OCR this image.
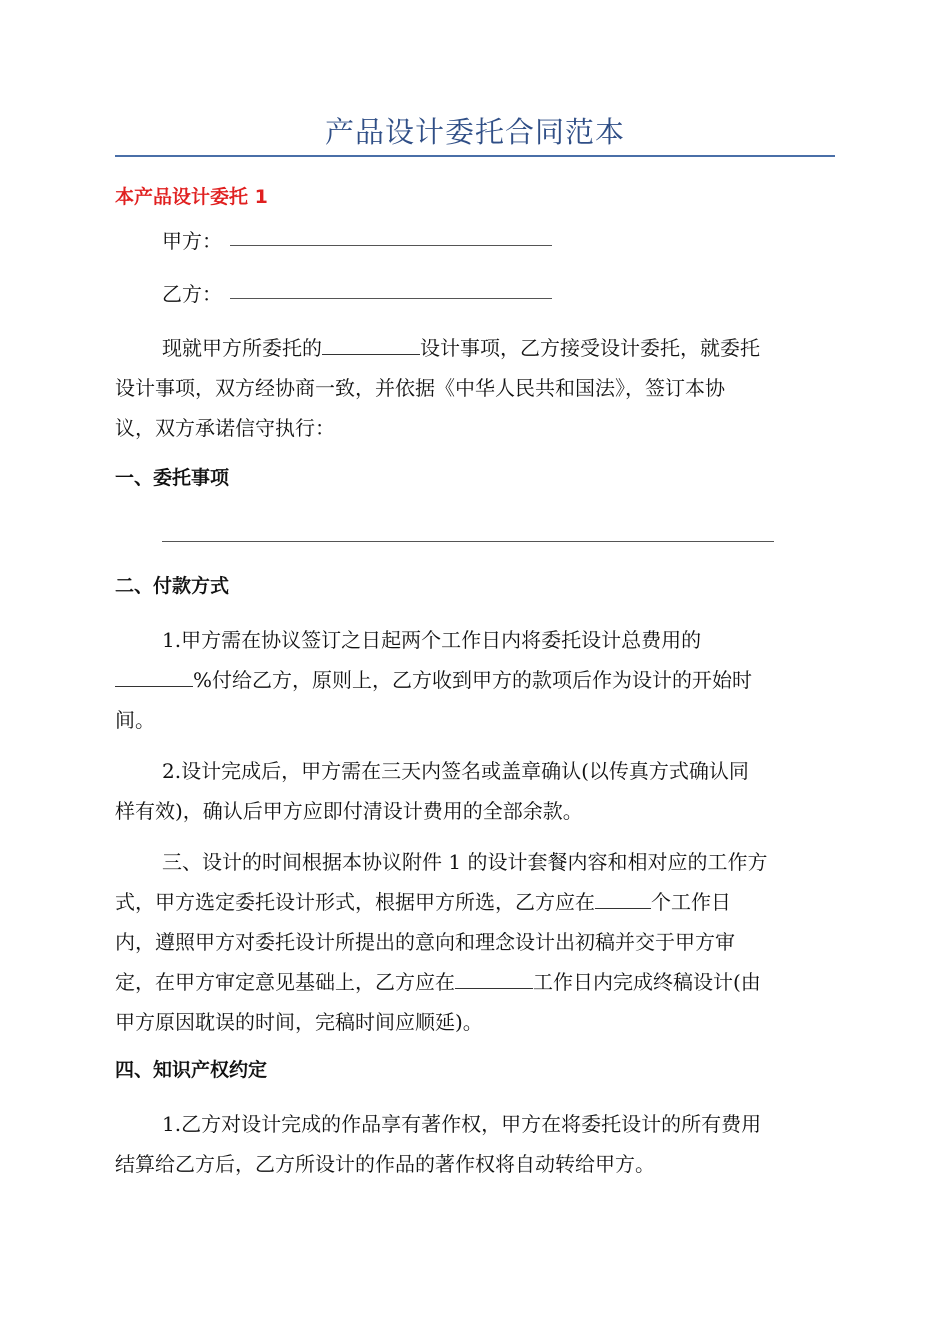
产品设计委托合同范本
本产品设计委托 1
甲方：
乙方：
现就甲方所委托的	设计事项，乙方接受设计委托，就委托
设计事项，双方经协商一致，并依据《中华人民共和国法》，签订本协
议，双方承诺信守执行：
一、委托事项
二、付款方式
1.甲方需在协议签订之日起两个工作日内将委托设计总费用的
%付给乙方，原则上，乙方收到甲方的款项后作为设计的开始时
间。
2.设计完成后，甲方需在三天内签名或盖章确认(以传真方式确认同
样有效)，确认后甲方应即付清设计费用的全部余款。
三、设计的时间根据本协议附件 1 的设计套餐内容和相对应的工作方
式，甲方选定委托设计形式，根据甲方所选，乙方应在	个工作日
内，遵照甲方对委托设计所提出的意向和理念设计出初稿并交于甲方审
定，在甲方审定意见基础上，乙方应在	工作日内完成终稿设计(由
甲方原因耽误的时间，完稿时间应顺延)。
四、知识产权约定
1.乙方对设计完成的作品享有著作权，甲方在将委托设计的所有费用
结算给乙方后，乙方所设计的作品的著作权将自动转给甲方。
